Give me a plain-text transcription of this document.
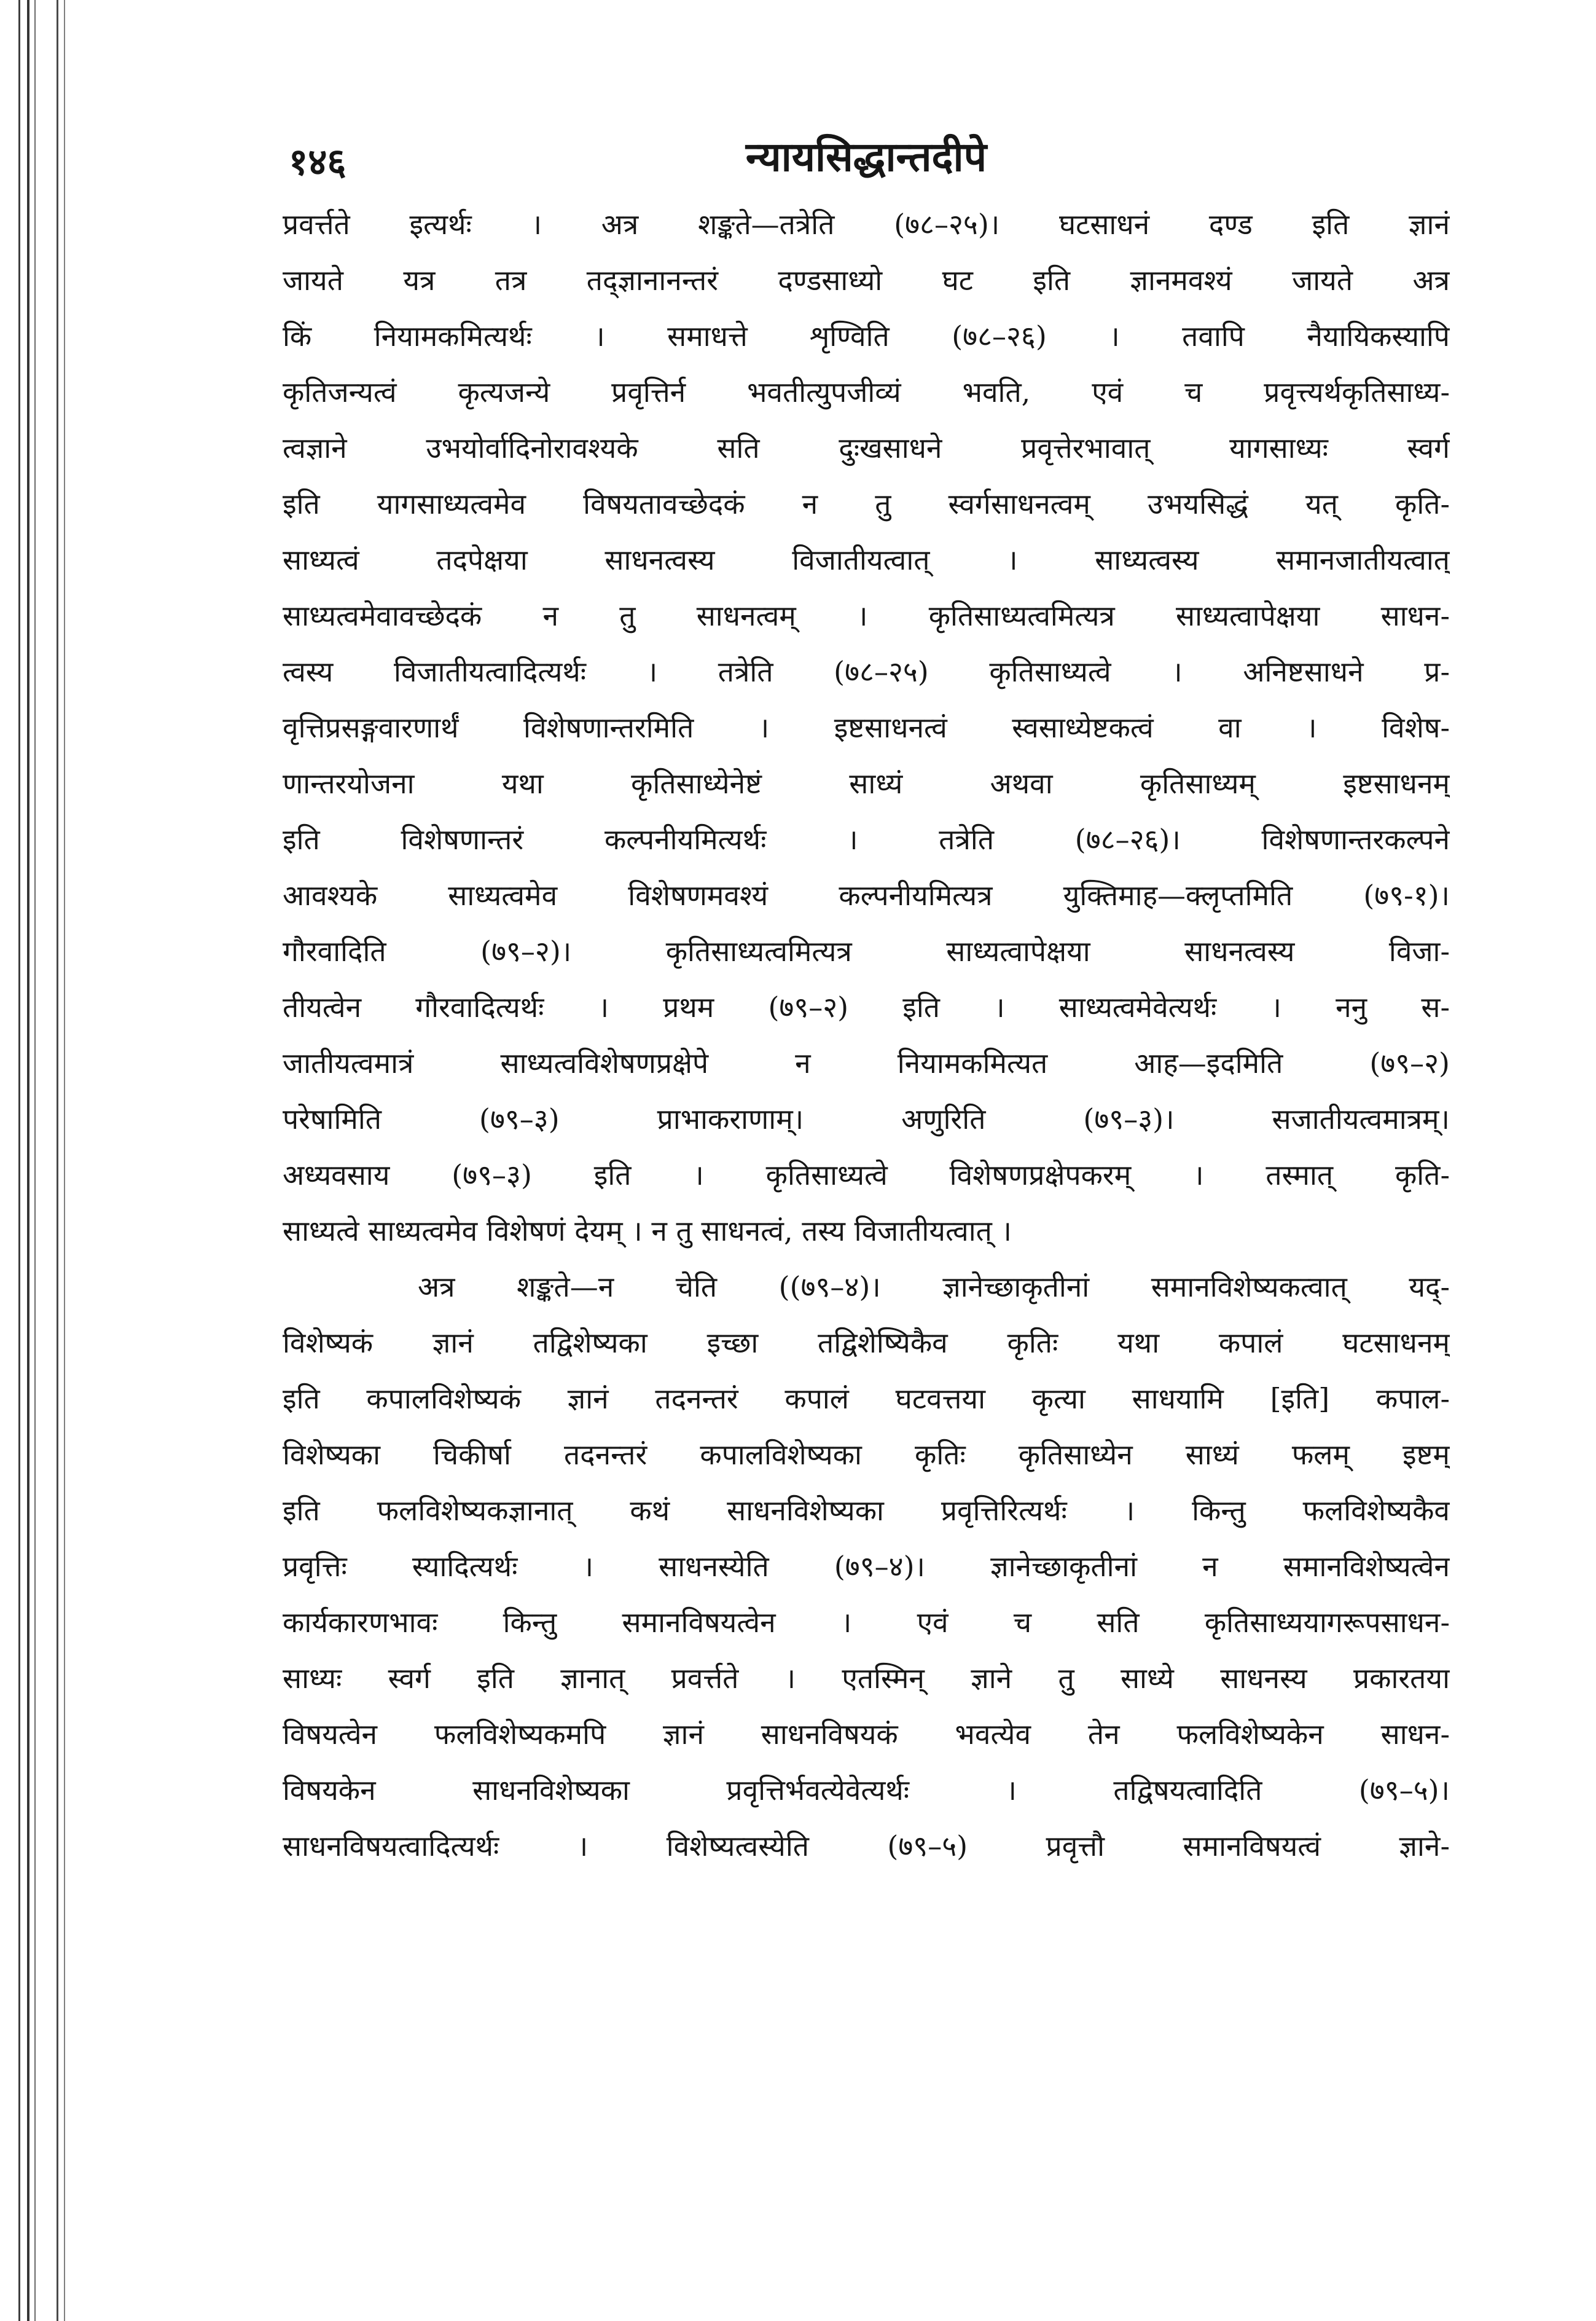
१४६	न्यायसिद्धान्तदीपे
प्रवर्त्तते इत्यर्थः । अत्र शङ्कते—तत्रेति (७८–२५)। घटसाधनं दण्ड इति ज्ञानं
जायते यत्र तत्र तद्ज्ञानानन्तरं दण्डसाध्यो घट इति ज्ञानमवश्यं जायते अत्र
किं नियामकमित्यर्थः । समाधत्ते शृण्विति (७८–२६) । तवापि नैयायिकस्यापि
कृतिजन्यत्वं कृत्यजन्ये प्रवृत्तिर्न भवतीत्युपजीव्यं भवति, एवं च प्रवृत्त्यर्थकृतिसाध्य-
त्वज्ञाने उभयोर्वादिनोरावश्यके सति दुःखसाधने प्रवृत्तेरभावात् यागसाध्यः स्वर्ग
इति यागसाध्यत्वमेव विषयतावच्छेदकं न तु स्वर्गसाधनत्वम् उभयसिद्धं यत् कृति-
साध्यत्वं तदपेक्षया साधनत्वस्य विजातीयत्वात् । साध्यत्वस्य समानजातीयत्वात्
साध्यत्वमेवावच्छेदकं न तु साधनत्वम् । कृतिसाध्यत्वमित्यत्र साध्यत्वापेक्षया साधन-
त्वस्य विजातीयत्वादित्यर्थः । तत्रेति (७८–२५) कृतिसाध्यत्वे । अनिष्टसाधने प्र-
वृत्तिप्रसङ्गवारणार्थं विशेषणान्तरमिति । इष्टसाधनत्वं स्वसाध्येष्टकत्वं वा । विशेष-
णान्तरयोजना यथा कृतिसाध्येनेष्टं साध्यं अथवा कृतिसाध्यम् इष्टसाधनम्
इति विशेषणान्तरं कल्पनीयमित्यर्थः । तत्रेति (७८–२६)। विशेषणान्तरकल्पने
आवश्यके साध्यत्वमेव विशेषणमवश्यं कल्पनीयमित्यत्र युक्तिमाह—क्लृप्तमिति (७९-१)।
गौरवादिति (७९–२)। कृतिसाध्यत्वमित्यत्र साध्यत्वापेक्षया साधनत्वस्य विजा-
तीयत्वेन गौरवादित्यर्थः । प्रथम (७९–२) इति । साध्यत्वमेवेत्यर्थः । ननु स-
जातीयत्वमात्रं साध्यत्वविशेषणप्रक्षेपे न नियामकमित्यत आह—इदमिति (७९–२)
परेषामिति (७९–३) प्राभाकराणाम्। अणुरिति (७९–३)। सजातीयत्वमात्रम्।
अध्यवसाय (७९–३) इति । कृतिसाध्यत्वे विशेषणप्रक्षेपकरम् । तस्मात् कृति-
साध्यत्वे साध्यत्वमेव विशेषणं देयम् । न तु साधनत्वं, तस्य विजातीयत्वात् ।
अत्र शङ्कते—न चेति ((७९–४)। ज्ञानेच्छाकृतीनां समानविशेष्यकत्वात् यद्-
विशेष्यकं ज्ञानं तद्विशेष्यका इच्छा तद्विशेष्यिकैव कृतिः यथा कपालं घटसाधनम्
इति कपालविशेष्यकं ज्ञानं तदनन्तरं कपालं घटवत्तया कृत्या साधयामि [इति] कपाल-
विशेष्यका चिकीर्षा तदनन्तरं कपालविशेष्यका कृतिः कृतिसाध्येन साध्यं फलम् इष्टम्
इति फलविशेष्यकज्ञानात् कथं साधनविशेष्यका प्रवृत्तिरित्यर्थः । किन्तु फलविशेष्यकैव
प्रवृत्तिः स्यादित्यर्थः । साधनस्येति (७९–४)। ज्ञानेच्छाकृतीनां न समानविशेष्यत्वेन
कार्यकारणभावः किन्तु समानविषयत्वेन । एवं च सति कृतिसाध्ययागरूपसाधन-
साध्यः स्वर्ग इति ज्ञानात् प्रवर्त्तते । एतस्मिन् ज्ञाने तु साध्ये साधनस्य प्रकारतया
विषयत्वेन फलविशेष्यकमपि ज्ञानं साधनविषयकं भवत्येव तेन फलविशेष्यकेन साधन-
विषयकेन साधनविशेष्यका प्रवृत्तिर्भवत्येवेत्यर्थः । तद्विषयत्वादिति (७९–५)।
साधनविषयत्वादित्यर्थः । विशेष्यत्वस्येति (७९–५) प्रवृत्तौ समानविषयत्वं ज्ञाने-
